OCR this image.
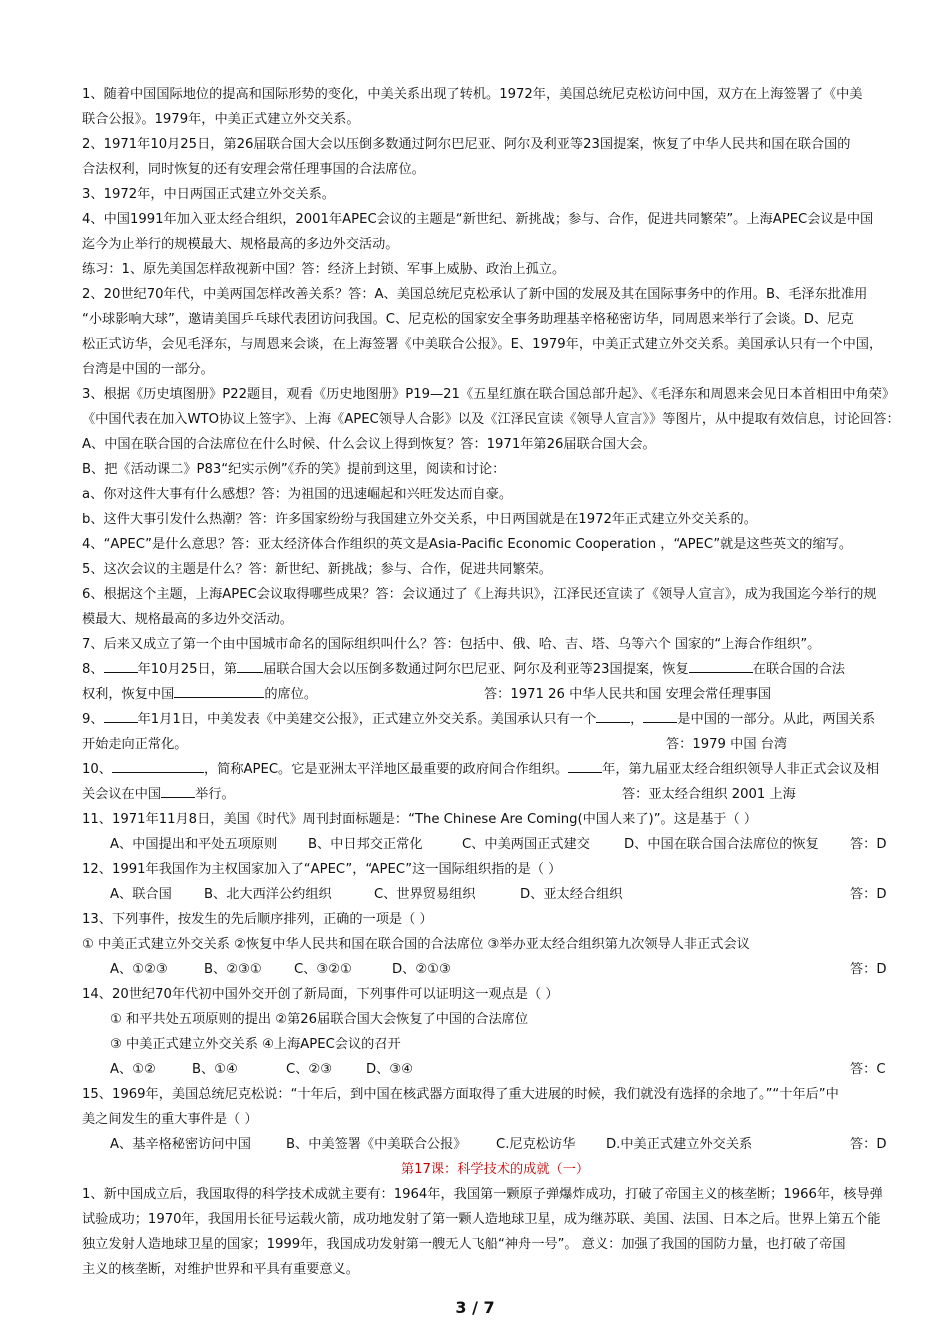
1、随着中国国际地位的提高和国际形势的变化，中美关系出现了转机。1972年，美国总统尼克松访问中国，双方在上海签署了《中美
联合公报》。1979年，中美正式建立外交关系。
2、1971年10月25日，第26届联合国大会以压倒多数通过阿尔巴尼亚、阿尔及利亚等23国提案，恢复了中华人民共和国在联合国的
合法权利，同时恢复的还有安理会常任理事国的合法席位。
3、1972年，中日两国正式建立外交关系。
4、中国1991年加入亚太经合组织，2001年APEC会议的主题是“新世纪、新挑战；参与、合作，促进共同繁荣”。上海APEC会议是中国
迄今为止举行的规模最大、规格最高的多边外交活动。
练习：1、原先美国怎样敌视新中国？答：经济上封锁、军事上威胁、政治上孤立。
2、20世纪70年代，中美两国怎样改善关系？答：A、美国总统尼克松承认了新中国的发展及其在国际事务中的作用。B、毛泽东批准用
“小球影响大球”，邀请美国乒乓球代表团访问我国。C、尼克松的国家安全事务助理基辛格秘密访华，同周恩来举行了会谈。D、尼克
松正式访华，会见毛泽东，与周恩来会谈，在上海签署《中美联合公报》。E、1979年，中美正式建立外交关系。美国承认只有一个中国，
台湾是中国的一部分。
3、根据《历史填图册》P22题目，观看《历史地图册》P19—21《五星红旗在联合国总部升起》、《毛泽东和周恩来会见日本首相田中角荣》
《中国代表在加入WTO协议上签字》、上海《APEC领导人合影》以及《江泽民宣读《领导人宣言》》等图片，从中提取有效信息，讨论回答：
A、中国在联合国的合法席位在什么时候、什么会议上得到恢复？答：1971年第26届联合国大会。
B、把《活动课二》P83“纪实示例”《乔的笑》提前到这里，阅读和讨论：
a、你对这件大事有什么感想？答：为祖国的迅速崛起和兴旺发达而自豪。
b、这件大事引发什么热潮？答：许多国家纷纷与我国建立外交关系，中日两国就是在1972年正式建立外交关系的。
4、“APEC”是什么意思？答：亚太经济体合作组织的英文是Asia-Pacific Economic Cooperation ，“APEC”就是这些英文的缩写。
5、这次会议的主题是什么？答：新世纪、新挑战；参与、合作，促进共同繁荣。
6、根据这个主题，上海APEC会议取得哪些成果？答：会议通过了《上海共识》，江泽民还宣读了《领导人宣言》，成为我国迄今举行的规
模最大、规格最高的多边外交活动。
7、后来又成立了第一个由中国城市命名的国际组织叫什么？答：包括中、俄、哈、吉、塔、乌等六个 国家的“上海合作组织”。
8、	年10月25日，第 届联合国大会以压倒多数通过阿尔巴尼亚、阿尔及利亚等23国提案，恢复	在联合国的合法
权利，恢复中国	的席位。	答：1971 26 中华人民共和国 安理会常任理事国
9、	年1月1日，中美发表《中美建交公报》，正式建立外交关系。美国承认只有一个	，	是中国的一部分。从此，两国关系
开始走向正常化。	答：1979 中国 台湾
10、	，简称APEC。它是亚洲太平洋地区最重要的政府间合作组织。	年，第九届亚太经合组织领导人非正式会议及相
关会议在中国	举行。	答：亚太经合组织 2001 上海
11、1971年11月8日，美国《时代》周刊封面标题是：“The Chinese Are Coming(中国人来了)”。这是基于（ ）
A、中国提出和平处五项原则 B、中日邦交正常化	C、中美两国正式建交	D、中国在联合国合法席位的恢复 答：D
12、1991年我国作为主权国家加入了“APEC”，“APEC”这一国际组织指的是（ ）
A、联合国 B、北大西洋公约组织	C、世界贸易组织	D、亚太经合组织	答：D
13、下列事件，按发生的先后顺序排列，正确的一项是（ ）
① 中美正式建立外交关系 ②恢复中华人民共和国在联合国的合法席位 ③举办亚太经合组织第九次领导人非正式会议
A、①②③	B、②③① C、③②①	D、②①③	答：D
14、20世纪70年代初中国外交开创了新局面，下列事件可以证明这一观点是（ ）
① 和平共处五项原则的提出 ②第26届联合国大会恢复了中国的合法席位
③ 中美正式建立外交关系 ④上海APEC会议的召开
A、①②	B、①④	C、②③	D、③④	答：C
15、1969年，美国总统尼克松说：“十年后，到中国在核武器方面取得了重大进展的时候，我们就没有选择的余地了。”“十年后”中
美之间发生的重大事件是（ ）
A、基辛格秘密访问中国	B、中美签署《中美联合公报》 C.尼克松访华 D.中美正式建立外交关系	答：D
第17课：科学技术的成就（一）
1、新中国成立后，我国取得的科学技术成就主要有：1964年，我国第一颗原子弹爆炸成功，打破了帝国主义的核垄断；1966年，核导弹
试验成功；1970年，我国用长征号运载火箭，成功地发射了第一颗人造地球卫星，成为继苏联、美国、法国、日本之后。世界上第五个能
独立发射人造地球卫星的国家；1999年，我国成功发射第一艘无人飞船“神舟一号”。 意义：加强了我国的国防力量，也打破了帝国
主义的核垄断，对维护世界和平具有重要意义。
3 / 7
